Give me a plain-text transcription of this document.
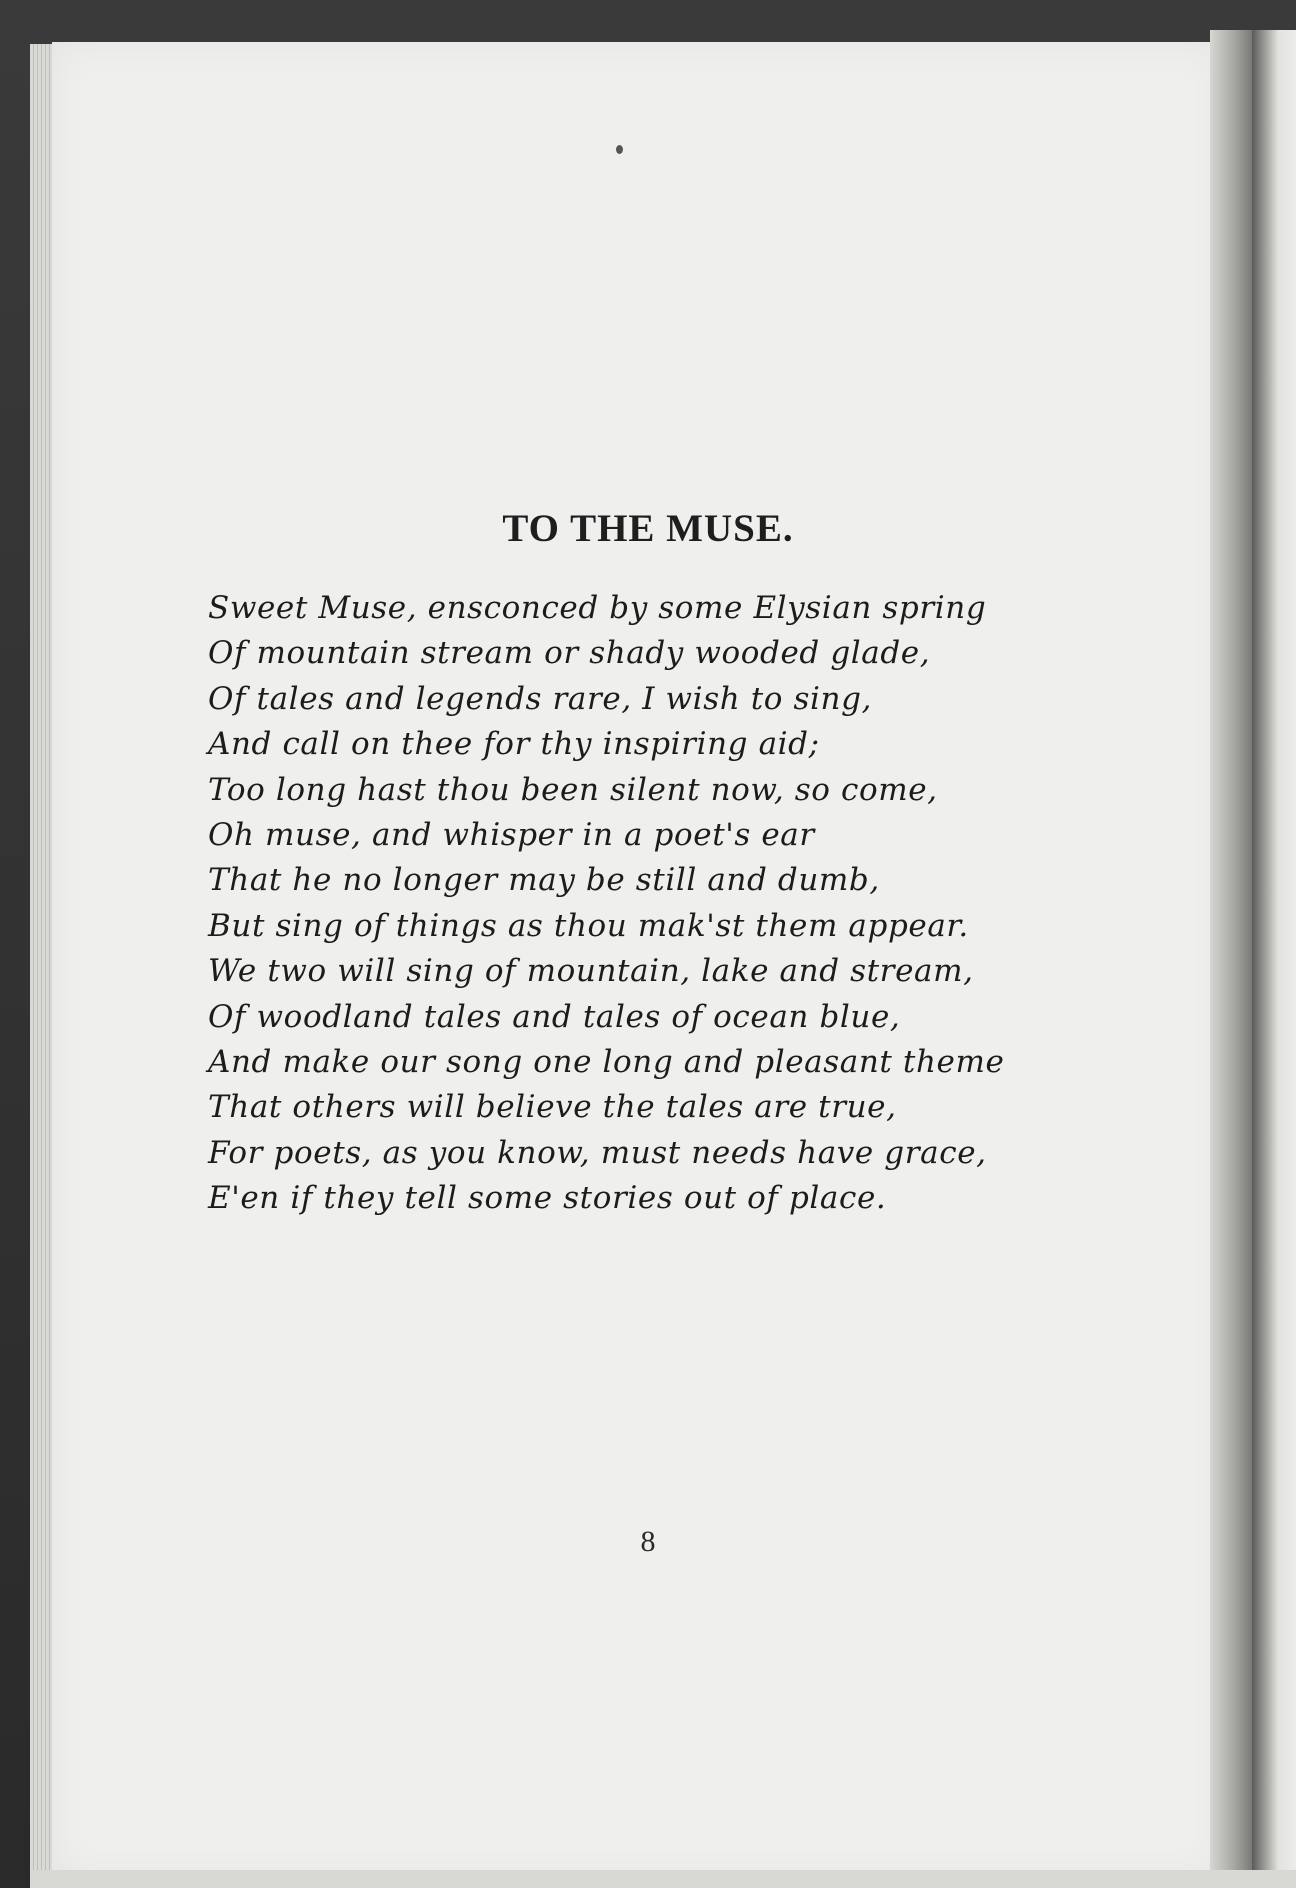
TO THE MUSE.
Sweet Muse, ensconced by some Elysian spring
Of mountain stream or shady wooded glade,
Of tales and legends rare, I wish to sing,
And call on thee for thy inspiring aid;
Too long hast thou been silent now, so come,
Oh muse, and whisper in a poet's ear
That he no longer may be still and dumb,
But sing of things as thou mak'st them appear.
We two will sing of mountain, lake and stream,
Of woodland tales and tales of ocean blue,
And make our song one long and pleasant theme
That others will believe the tales are true,
For poets, as you know, must needs have grace,
E'en if they tell some stories out of place.

8
